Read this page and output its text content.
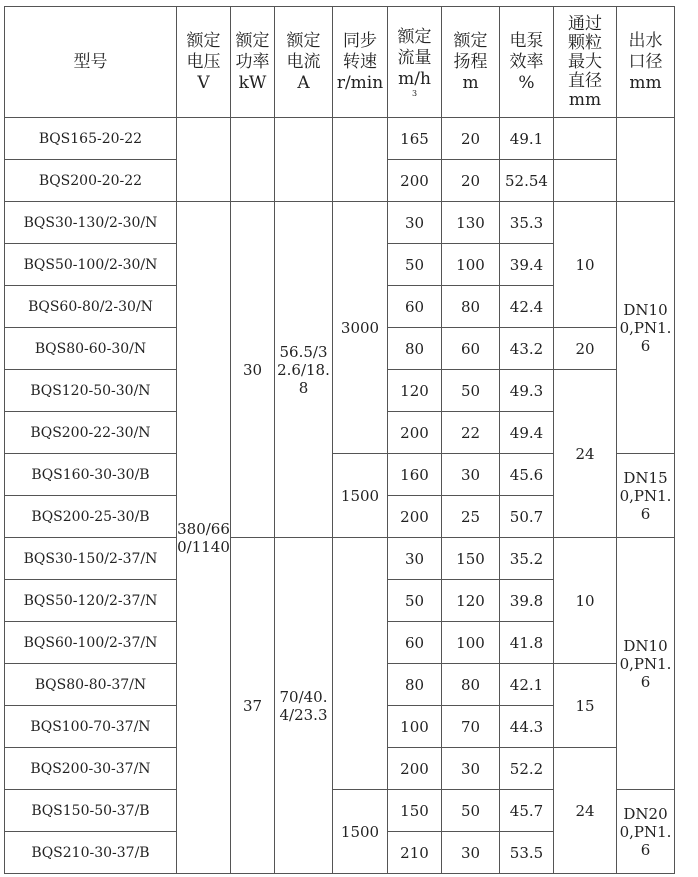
型号	额定
电压
V	额定
功率
kW	额定
电流
A	同步
转速
r/min	额定
流量
m/h
3	额定
扬程
m	电泵
效率
%	通过
颗粒
最大
直径
mm	出水
口径
mm

BQS165-20-22					165	20	49.1		
BQS200-20-22					200	20	52.54		
BQS30-130/2-30/N	380/660/1140	30	56.5/32.6/18.8	3000	30	130	35.3	10	DN100,PN1.6
BQS50-100/2-30/N					50	100	39.4		
BQS60-80/2-30/N					60	80	42.4		
BQS80-60-30/N					80	60	43.2	20	
BQS120-50-30/N					120	50	49.3	24	
BQS200-22-30/N					200	22	49.4		
BQS160-30-30/B				1500	160	30	45.6		DN150,PN1.6
BQS200-25-30/B					200	25	50.7		
BQS30-150/2-37/N		37	70/40.4/23.3		30	150	35.2	10	DN100,PN1.6
BQS50-120/2-37/N					50	120	39.8		
BQS60-100/2-37/N					60	100	41.8		
BQS80-80-37/N					80	80	42.1	15	
BQS100-70-37/N					100	70	44.3		
BQS200-30-37/N					200	30	52.2	24	
BQS150-50-37/B				1500	150	50	45.7		DN200,PN1.6
BQS210-30-37/B					210	30	53.5		
